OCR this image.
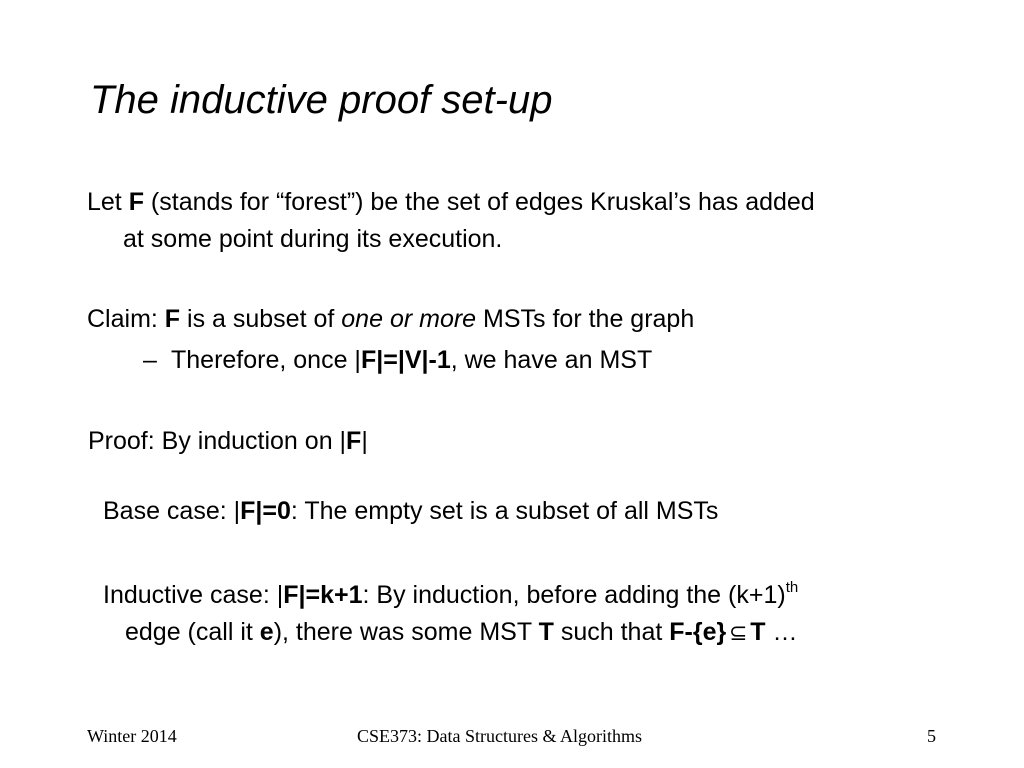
The inductive proof set-up
Let F (stands for “forest”) be the set of edges Kruskal’s has added
at some point during its execution.
Claim: F is a subset of one or more MSTs for the graph
– Therefore, once |F|=|V|-1, we have an MST
Proof: By induction on |F|
Base case: |F|=0: The empty set is a subset of all MSTs
Inductive case: |F|=k+1: By induction, before adding the $(k+1)^{th}$
edge (call it e), there was some MST T such that F-{e} ⊆ T …
Winter 2014	CSE373: Data Structures & Algorithms	5
